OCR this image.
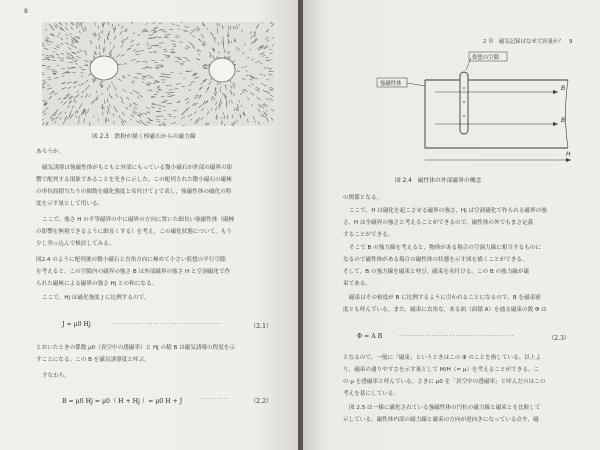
8
図 2.3　鉄粉が描く棒磁石からの磁力線
あろうか。
磁気誘導は強磁性体がもともと外部にもっている微小磁石が外部の磁界の影
響で配列する現象であることを先きに示した。この配列された微小磁石の磁極
の単位面積当たりの個数を磁化強度と名付けて J で表し，強磁性体の磁化の程
度を示す量として用いる。
ここで，強さ H の平等磁界の中に磁界の方向に置いた細長い強磁性体（磁極
の影響を無視できるように細長くする）を考え，この磁化状態について，もう
少し突っ込んで検討してみる。
図2.4 のように配列後の微小磁石と直角方向に極めて小さい仮想の平行空隙
を考えると，この空隙内の磁界の強さ B は外部磁界の強さ H と空洞磁化で作
られた磁極による磁界の強さ Hj との和になる。
ここで，Hj は磁化強度 J に比例するので，
J = μ0 Hj	·····································	（2.1）
とおいたときの係数 μ0（真空中の透磁率）と Hj の積 B は磁気誘導の程度を示
すことになる。この B を磁気誘導度と呼ぶ。
すなわち，
B = μ0 Hj = μ0（ H + Hj ）= μ0 H + J	··········	（2.2）
2 章　磁気記録はなぜ大容量か？　9
仮想の空隙
強磁性体
B
B
H
図 2.4　磁性体の外部磁界の概念
の関係となる。
ここで，H は磁化を起こさせる磁界の強さ，Hj は空洞磁化で作られる磁界の強
さ，H は全磁界の強さと考えることができるので，磁性体の外でもまさ定義
することができる。
そこで B の強力線を考えると，物体がある場合の空洞力線に相当するものに
なるので磁性体がある場合の磁性体の状態を示す図を描くことができる。
そして，B の強力線を磁束と呼び，磁束を名付ける。この B の強力線が磁
束である。
磁束はその密度が B に比例するように引かれることになるので，B を磁束密
度とも呼んでいる。また，磁束に直角な，ある面（面積 A）を通る磁束の数 Φ は
Φ = A B	·······································	（2.3）
となるので，一般に「磁束」というときはこの Φ のことを指している。以上よ
り，磁束の通りやすさを示す量として M/H（= μ）を考えることができる。こ
の μ を透磁率と呼んでいる。さきに μ0 を「真空中の透磁率」と呼んだのはこの
考えを基にしている。
図 2.5 は一様に磁化されている強磁性体の円柱の磁力線と磁束とを比較して
示している。磁性体内部の磁力線と磁束の方向が逆向きになっている点や，磁
